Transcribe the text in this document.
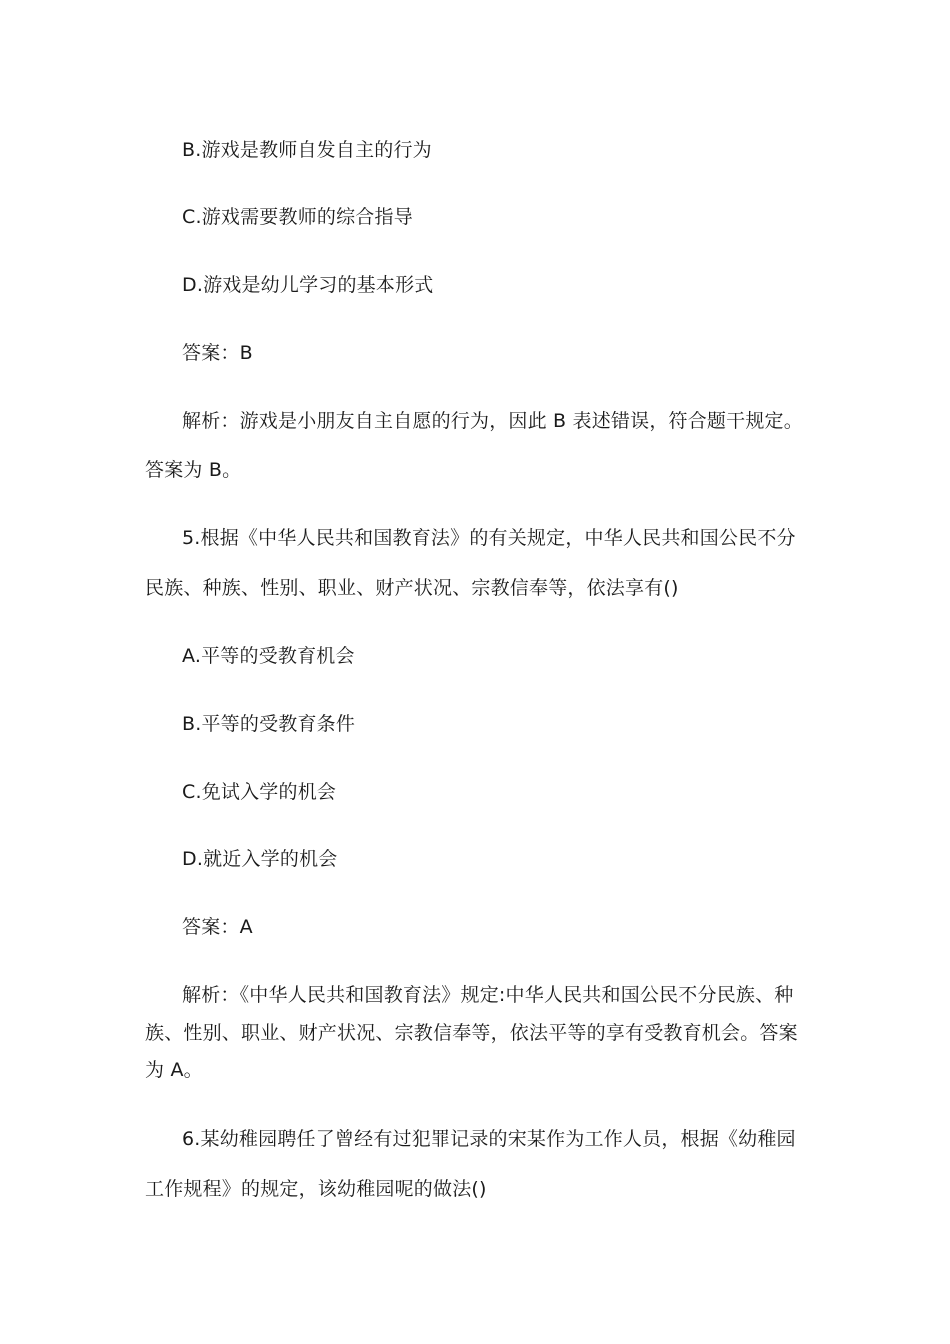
B.游戏是教师自发自主的行为
C.游戏需要教师的综合指导
D.游戏是幼儿学习的基本形式
答案：B
解析：游戏是小朋友自主自愿的行为，因此 B 表述错误，符合题干规定。
答案为 B。
5.根据《中华人民共和国教育法》的有关规定，中华人民共和国公民不分
民族、种族、性别、职业、财产状况、宗教信奉等，依法享有()
A.平等的受教育机会
B.平等的受教育条件
C.免试入学的机会
D.就近入学的机会
答案：A
解析：《中华人民共和国教育法》规定:中华人民共和国公民不分民族、种
族、性别、职业、财产状况、宗教信奉等，依法平等的享有受教育机会。答案
为 A。
6.某幼稚园聘任了曾经有过犯罪记录的宋某作为工作人员，根据《幼稚园
工作规程》的规定，该幼稚园呢的做法()
